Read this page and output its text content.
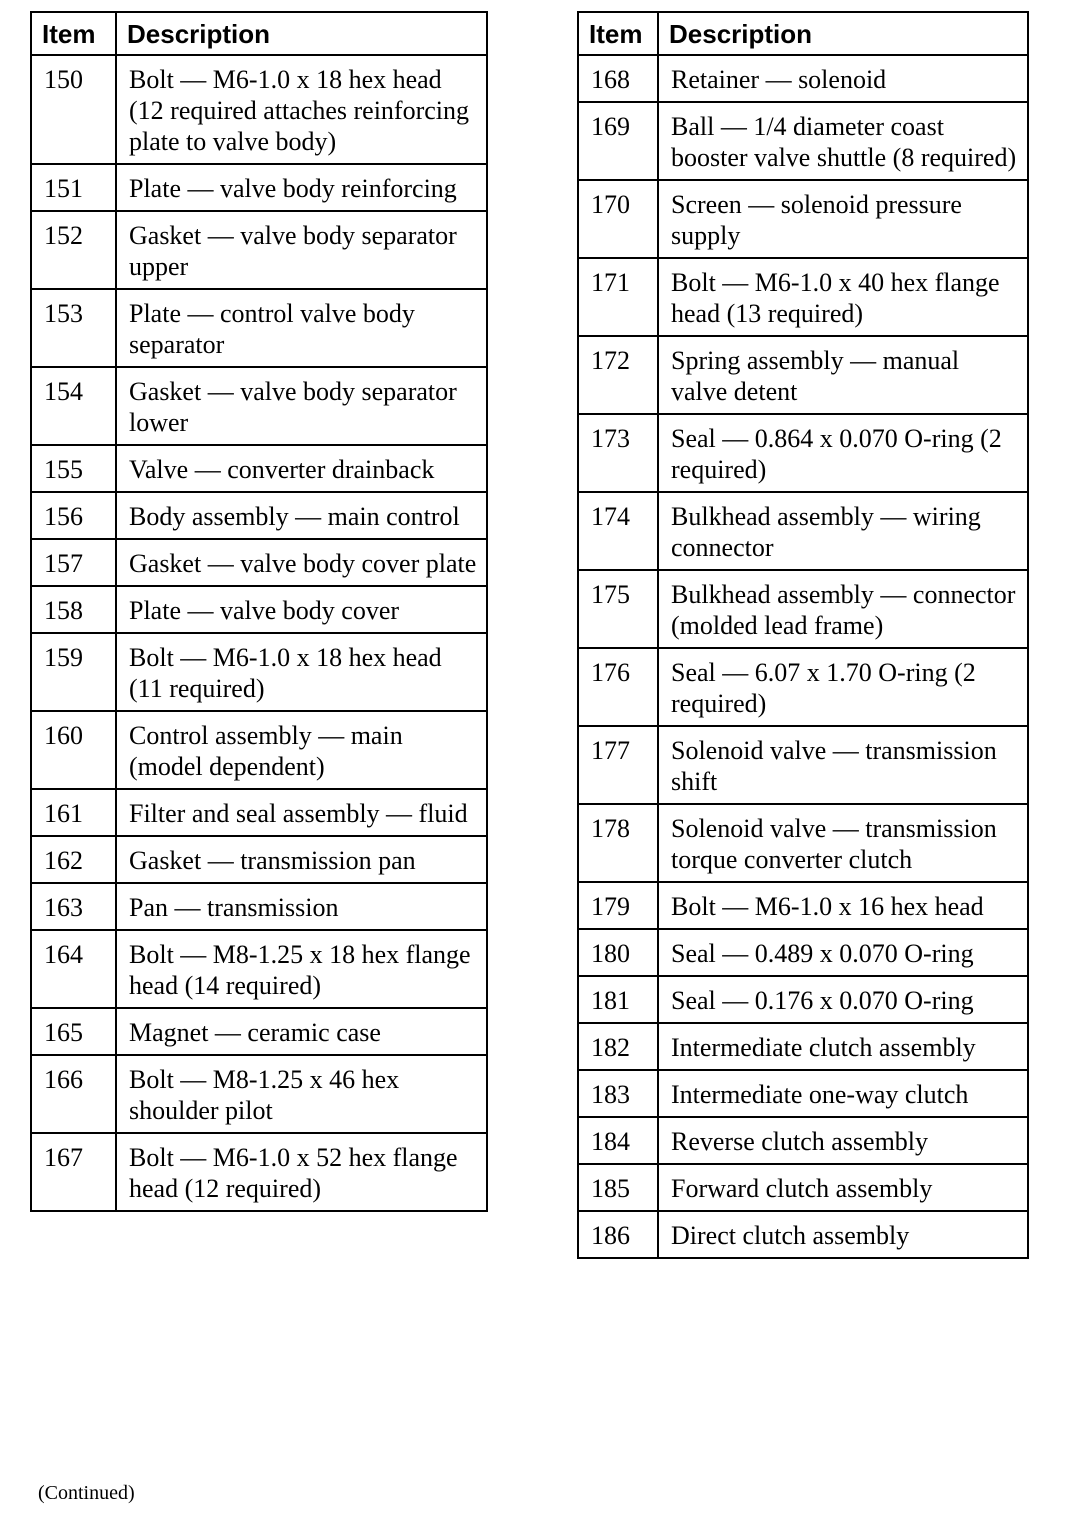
Item	Description
150	Bolt — M6-1.0 x 18 hex head (12 required attaches reinforcing plate to valve body)
151	Plate — valve body reinforcing
152	Gasket — valve body separator upper
153	Plate — control valve body separator
154	Gasket — valve body separator lower
155	Valve — converter drainback
156	Body assembly — main control
157	Gasket — valve body cover plate
158	Plate — valve body cover
159	Bolt — M6-1.0 x 18 hex head (11 required)
160	Control assembly — main (model dependent)
161	Filter and seal assembly — fluid
162	Gasket — transmission pan
163	Pan — transmission
164	Bolt — M8-1.25 x 18 hex flange head (14 required)
165	Magnet — ceramic case
166	Bolt — M8-1.25 x 46 hex shoulder pilot
167	Bolt — M6-1.0 x 52 hex flange head (12 required)
Item	Description
168	Retainer — solenoid
169	Ball — 1/4 diameter coast booster valve shuttle (8 required)
170	Screen — solenoid pressure supply
171	Bolt — M6-1.0 x 40 hex flange head (13 required)
172	Spring assembly — manual valve detent
173	Seal — 0.864 x 0.070 O-ring (2 required)
174	Bulkhead assembly — wiring connector
175	Bulkhead assembly — connector (molded lead frame)
176	Seal — 6.07 x 1.70 O-ring (2 required)
177	Solenoid valve — transmission shift
178	Solenoid valve — transmission torque converter clutch
179	Bolt — M6-1.0 x 16 hex head
180	Seal — 0.489 x 0.070 O-ring
181	Seal — 0.176 x 0.070 O-ring
182	Intermediate clutch assembly
183	Intermediate one-way clutch
184	Reverse clutch assembly
185	Forward clutch assembly
186	Direct clutch assembly
(Continued)
